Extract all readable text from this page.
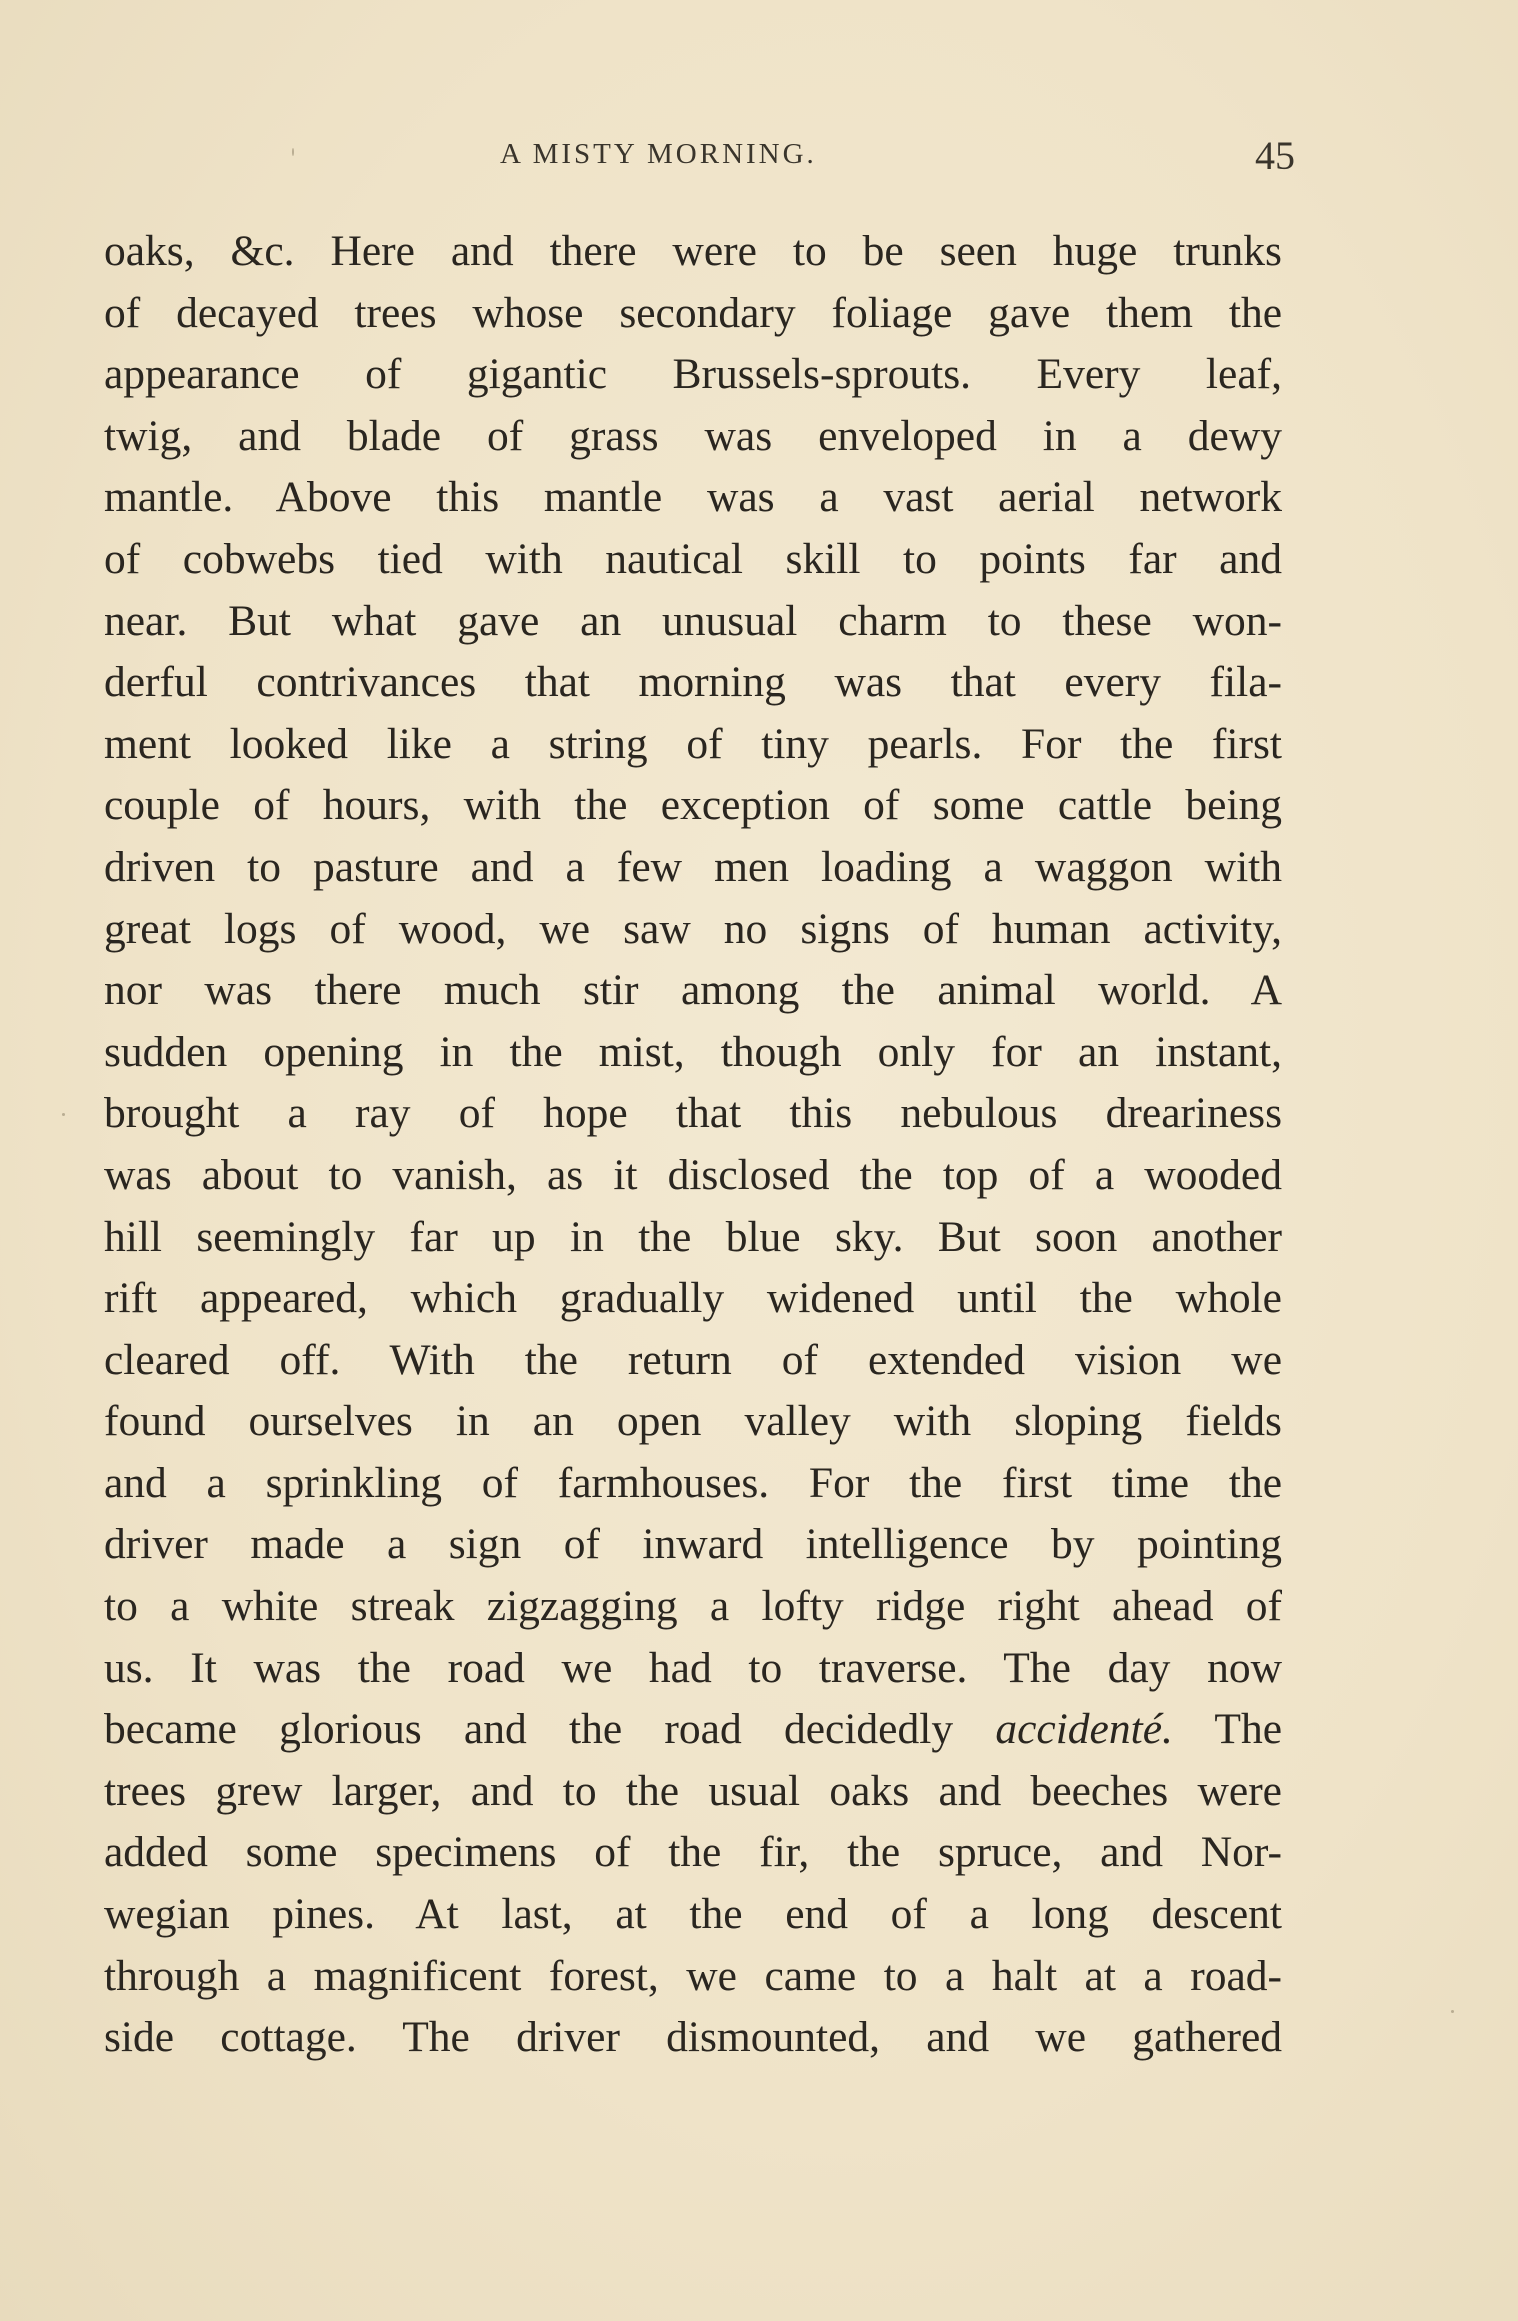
A MISTY MORNING.	45
oaks, &c. Here and there were to be seen huge trunks
of decayed trees whose secondary foliage gave them the
appearance of gigantic Brussels-sprouts. Every leaf,
twig, and blade of grass was enveloped in a dewy
mantle. Above this mantle was a vast aerial network
of cobwebs tied with nautical skill to points far and
near. But what gave an unusual charm to these won-
derful contrivances that morning was that every fila-
ment looked like a string of tiny pearls. For the first
couple of hours, with the exception of some cattle being
driven to pasture and a few men loading a waggon with
great logs of wood, we saw no signs of human activity,
nor was there much stir among the animal world. A
sudden opening in the mist, though only for an instant,
brought a ray of hope that this nebulous dreariness
was about to vanish, as it disclosed the top of a wooded
hill seemingly far up in the blue sky. But soon another
rift appeared, which gradually widened until the whole
cleared off. With the return of extended vision we
found ourselves in an open valley with sloping fields
and a sprinkling of farmhouses. For the first time the
driver made a sign of inward intelligence by pointing
to a white streak zigzagging a lofty ridge right ahead of
us. It was the road we had to traverse. The day now
became glorious and the road decidedly accidenté. The
trees grew larger, and to the usual oaks and beeches were
added some specimens of the fir, the spruce, and Nor-
wegian pines. At last, at the end of a long descent
through a magnificent forest, we came to a halt at a road-
side cottage. The driver dismounted, and we gathered
